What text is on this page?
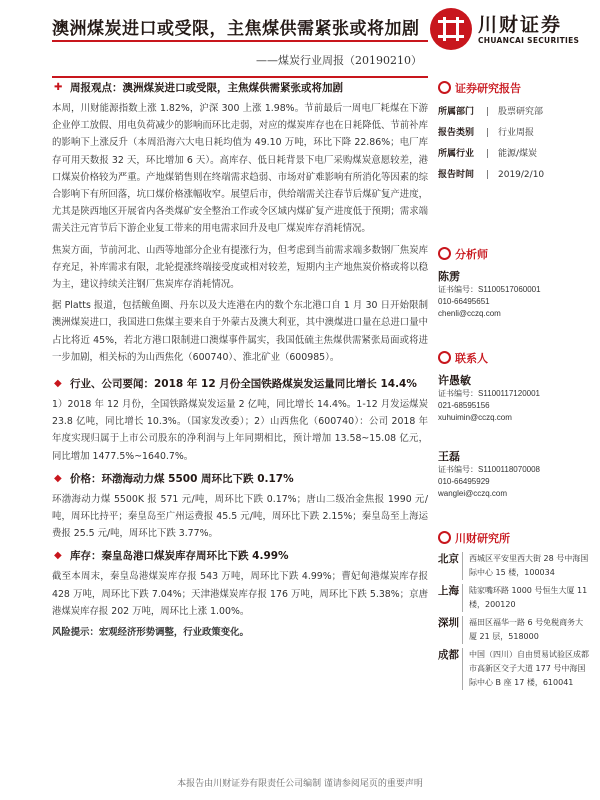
澳洲煤炭进口或受限，主焦煤供需紧张或将加剧
——煤炭行业周报（20190210）
川财证券
CHUANCAI SECURITIES
✚ 周报观点：澳洲煤炭进口或受限，主焦煤供需紧张或将加剧

本周，川财能源指数上涨 1.82%，沪深 300 上涨 1.98%。节前最后一周电厂耗煤在下游企业停工放假、用电负荷减少的影响而环比走弱，对应的煤炭库存也在日耗降低、节前补库的影响下上涨反升（本周沿海六大电日耗均值为 49.10 万吨，环比下降 22.86%；电厂库存可用天数报 32 天，环比增加 6 天）。高库存、低日耗背景下电厂采购煤炭意愿较差，港口煤炭价格较为严重。产地煤销售则在终端需求趋弱、市场对矿难影响有所消化等因素的综合影响下有所回落，坑口煤价格涨幅收窄。展望后市，供给端需关注春节后煤矿复产进度，尤其是陕西地区开展省内各类煤矿安全整治工作或令区域内煤矿复产进度低于预期；需求端需关注元宵节后下游企业复工带来的用电需求回升及电厂煤炭库存消耗情况。

焦炭方面，节前河北、山西等地部分企业有提涨行为，但考虑到当前需求端多数钢厂焦炭库存充足，补库需求有限，北轮提涨终端接受度或相对较差，短期内主产地焦炭价格或将以稳为主，建议持续关注钢厂焦炭库存消耗情况。

据 Platts 报道，包括鲅鱼圈、丹东以及大连港在内的数个东北港口自 1 月 30 日开始限制澳洲煤炭进口，我国进口焦煤主要来自于外蒙古及澳大利亚，其中澳煤进口量在总进口量中占比将近 45%，若北方港口限制进口澳煤事件属实，我国低硫主焦煤供需紧张局面或将进一步加剧，相关标的为山西焦化（600740）、淮北矿业（600985）。

◆ 行业、公司要闻：2018 年 12 月份全国铁路煤炭发运量同比增长 14.4%

1）2018 年 12 月份，全国铁路煤炭发运量 2 亿吨，同比增长 14.4%。1-12 月发运煤炭 23.8 亿吨，同比增长 10.3%。（国家发改委）；2）山西焦化（600740）：公司 2018 年年度实现归属于上市公司股东的净利润与上年同期相比，预计增加 13.58~15.08 亿元，同比增加 1477.5%~1640.7%。

◆ 价格：环渤海动力煤 5500 周环比下跌 0.17%

环渤海动力煤 5500K 报 571 元/吨，周环比下跌 0.17%；唐山二级冶金焦报 1990 元/吨，周环比持平；秦皇岛至广州运费报 45.5 元/吨，周环比下跌 2.15%；秦皇岛至上海运费报 25.5 元/吨，周环比下跌 3.77%。

◆ 库存：秦皇岛港口煤炭库存周环比下跌 4.99%

截至本周末，秦皇岛港煤炭库存报 543 万吨，周环比下跌 4.99%；曹妃甸港煤炭库存报 428 万吨，周环比下跌 7.04%；天津港煤炭库存报 176 万吨，周环比下跌 5.38%；京唐港煤炭库存报 202 万吨，周环比上涨 1.00%。

风险提示：宏观经济形势调整，行业政策变化。

证券研究报告
所属部门	| 股票研究部
报告类别	| 行业周报
所属行业	| 能源/煤炭
报告时间	| 2019/2/10
分析师
陈雳
证书编号：S1100517060001
010-66495651
chenli@cczq.com
联系人
许愚敏
证书编号：S1100117120001
021-68595156
xuhuimin@cczq.com
王磊
证书编号：S1100118070008
010-66495929
wanglei@cczq.com
川财研究所
北京	西城区平安里西大街 28 号中海国际中心 15 楼，100034
上海	陆家嘴环路 1000 号恒生大厦 11 楼，200120
深圳	福田区福华一路 6 号免税商务大厦 21 层，518000
成都	中国（四川）自由贸易试验区成都市高新区交子大道 177 号中海国际中心 B 座 17 楼，610041
本报告由川财证券有限责任公司编制 谨请参阅尾页的重要声明
